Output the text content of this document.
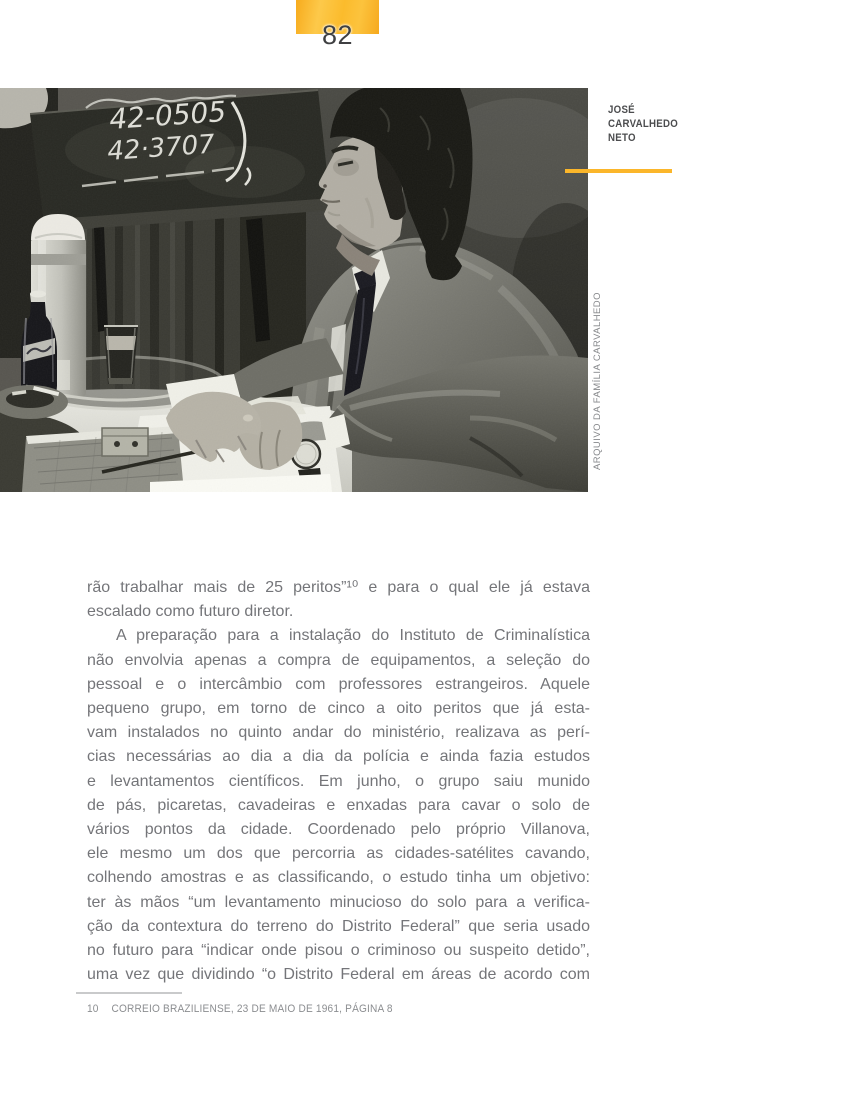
82
42-0505
42·3707
JOSÉ
CARVALHEDO
NETO
ARQUIVO DA FAMÍLIA CARVALHEDO
rão trabalhar mais de 25 peritos”¹⁰ e para o qual ele já estava
escalado como futuro diretor.
A preparação para a instalação do Instituto de Criminalística
não envolvia apenas a compra de equipamentos, a seleção do
pessoal e o intercâmbio com professores estrangeiros. Aquele
pequeno grupo, em torno de cinco a oito peritos que já esta-
vam instalados no quinto andar do ministério, realizava as perí-
cias necessárias ao dia a dia da polícia e ainda fazia estudos
e levantamentos científicos. Em junho, o grupo saiu munido
de pás, picaretas, cavadeiras e enxadas para cavar o solo de
vários pontos da cidade. Coordenado pelo próprio Villanova,
ele mesmo um dos que percorria as cidades-satélites cavando,
colhendo amostras e as classificando, o estudo tinha um objetivo:
ter às mãos “um levantamento minucioso do solo para a verifica-
ção da contextura do terreno do Distrito Federal” que seria usado
no futuro para “indicar onde pisou o criminoso ou suspeito detido”,
uma vez que dividindo “o Distrito Federal em áreas de acordo com
10 CORREIO BRAZILIENSE, 23 DE MAIO DE 1961, PÁGINA 8
